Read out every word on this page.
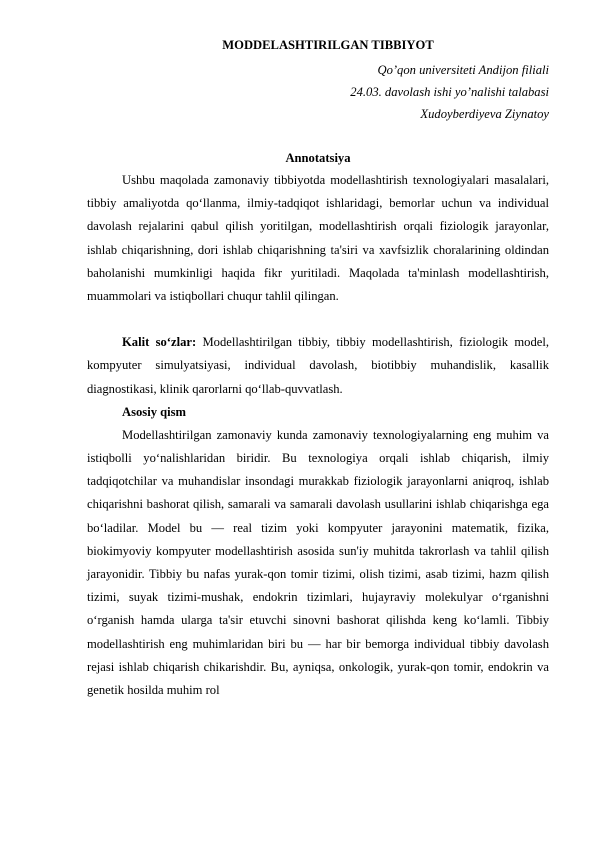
MODDELASHTIRILGAN TIBBIYOT

Qo’qon universiteti Andijon filiali

24.03. davolash ishi yo’nalishi talabasi

Xudoyberdiyeva Ziynatoy

Annotatsiya

Ushbu maqolada zamonaviy tibbiyotda modellashtirish texnologiyalari masalalari, tibbiy amaliyotda qo‘llanma, ilmiy-tadqiqot ishlaridagi, bemorlar uchun va individual davolash rejalarini qabul qilish yoritilgan, modellashtirish orqali fiziologik jarayonlar, ishlab chiqarishning, dori ishlab chiqarishning ta'siri va xavfsizlik choralarining oldindan baholanishi mumkinligi haqida fikr yuritiladi. Maqolada ta'minlash modellashtirish, muammolari va istiqbollari chuqur tahlil qilingan.

Kalit so‘zlar: Modellashtirilgan tibbiy, tibbiy modellashtirish, fiziologik model, kompyuter simulyatsiyasi, individual davolash, biotibbiy muhandislik, kasallik diagnostikasi, klinik qarorlarni qo‘llab-quvvatlash.

Asosiy qism

Modellashtirilgan zamonaviy kunda zamonaviy texnologiyalarning eng muhim va istiqbolli yo‘nalishlaridan biridir. Bu texnologiya orqali ishlab chiqarish, ilmiy tadqiqotchilar va muhandislar insondagi murakkab fiziologik jarayonlarni aniqroq, ishlab chiqarishni bashorat qilish, samarali va samarali davolash usullarini ishlab chiqarishga ega bo‘ladilar. Model bu — real tizim yoki kompyuter jarayonini matematik, fizika, biokimyoviy kompyuter modellashtirish asosida sun'iy muhitda takrorlash va tahlil qilish jarayonidir. Tibbiy bu nafas yurak-qon tomir tizimi, olish tizimi, asab tizimi, hazm qilish tizimi, suyak tizimi-mushak, endokrin tizimlari, hujayraviy molekulyar o‘rganishni o‘rganish hamda ularga ta'sir etuvchi sinovni bashorat qilishda keng ko‘lamli. Tibbiy modellashtirish eng muhimlaridan biri bu — har bir bemorga individual tibbiy davolash rejasi ishlab chiqarish chikarishdir. Bu, ayniqsa, onkologik, yurak-qon tomir, endokrin va genetik hosilda muhim rol
